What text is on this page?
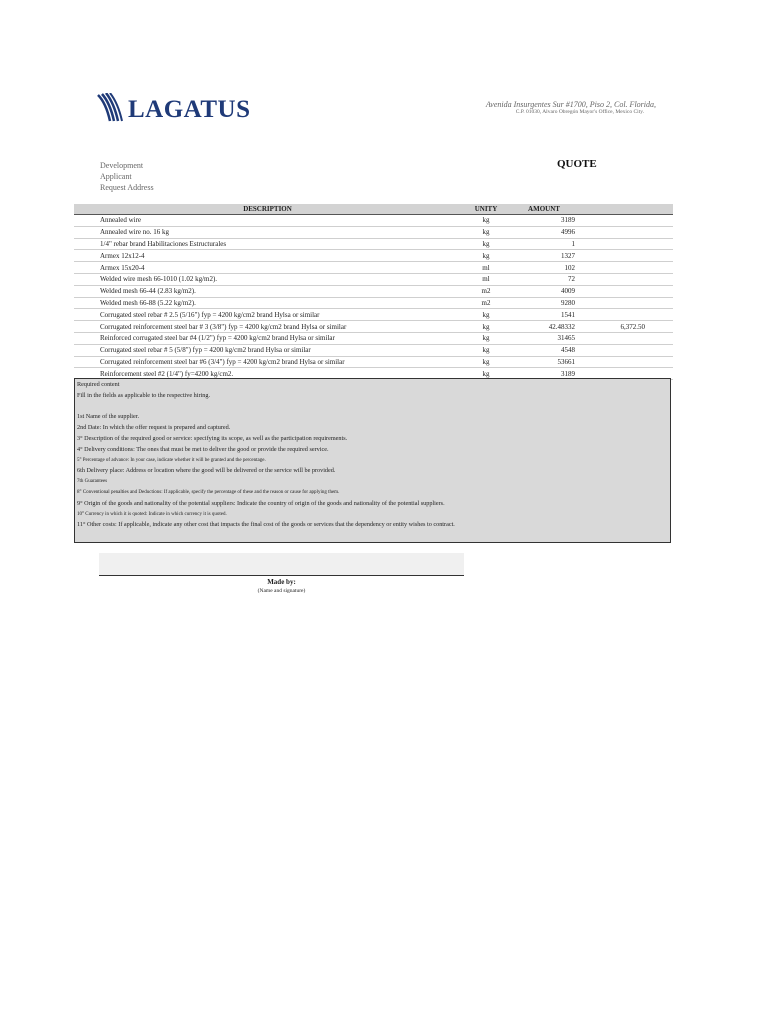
LAGATUS	Avenida Insurgentes Sur #1700, Piso 2, Col. Florida,
C.P. 01030, Alvaro Obregón Mayor's Office, Mexico City.
Development
Applicant
Request Address
QUOTE
DESCRIPTION	UNITY	AMOUNT	
Annealed wire	kg	3189	
Annealed wire no. 16 kg	kg	4996	
1/4" rebar brand Habilitaciones Estructurales	kg	1	
Armex 12x12-4	kg	1327	
Armex 15x20-4	ml	102	
Welded wire mesh 66-1010 (1.02 kg/m2).	ml	72	
Welded mesh 66-44 (2.83 kg/m2).	m2	4009	
Welded mesh 66-88 (5.22 kg/m2).	m2	9280	
Corrugated steel rebar # 2.5 (5/16") fyp = 4200 kg/cm2 brand Hylsa or similar	kg	1541	
Corrugated reinforcement steel bar # 3 (3/8") fyp = 4200 kg/cm2 brand Hylsa or similar	kg	42.48332	6,372.50
Reinforced corrugated steel bar #4 (1/2") fyp = 4200 kg/cm2 brand Hylsa or similar	kg	31465	
Corrugated steel rebar # 5 (5/8") fyp = 4200 kg/cm2 brand Hylsa or similar	kg	4548	
Corrugated reinforcement steel bar #6 (3/4") fyp = 4200 kg/cm2 brand Hylsa or similar	kg	53661	
Reinforcement steel #2 (1/4") fy=4200 kg/cm2.	kg	3189	
Required content
Fill in the fields as applicable to the respective hiring.
1st Name of the supplier.
2nd Date: In which the offer request is prepared and captured.
3° Description of the required good or service: specifying its scope, as well as the participation requirements.
4° Delivery conditions: The ones that must be met to deliver the good or provide the required service.
5° Percentage of advance: In your case, indicate whether it will be granted and the percentage.
6th Delivery place: Address or location where the good will be delivered or the service will be provided.
7th Guarantees
8° Conventional penalties and Deductions: If applicable, specify the percentage of these and the reason or cause for applying them.
9° Origin of the goods and nationality of the potential suppliers: Indicate the country of origin of the goods and nationality of the potential suppliers.
10° Currency in which it is quoted: Indicate in which currency it is quoted.
11° Other costs: If applicable, indicate any other cost that impacts the final cost of the goods or services that the dependency or entity wishes to contract.
Made by:
(Name and signature)
